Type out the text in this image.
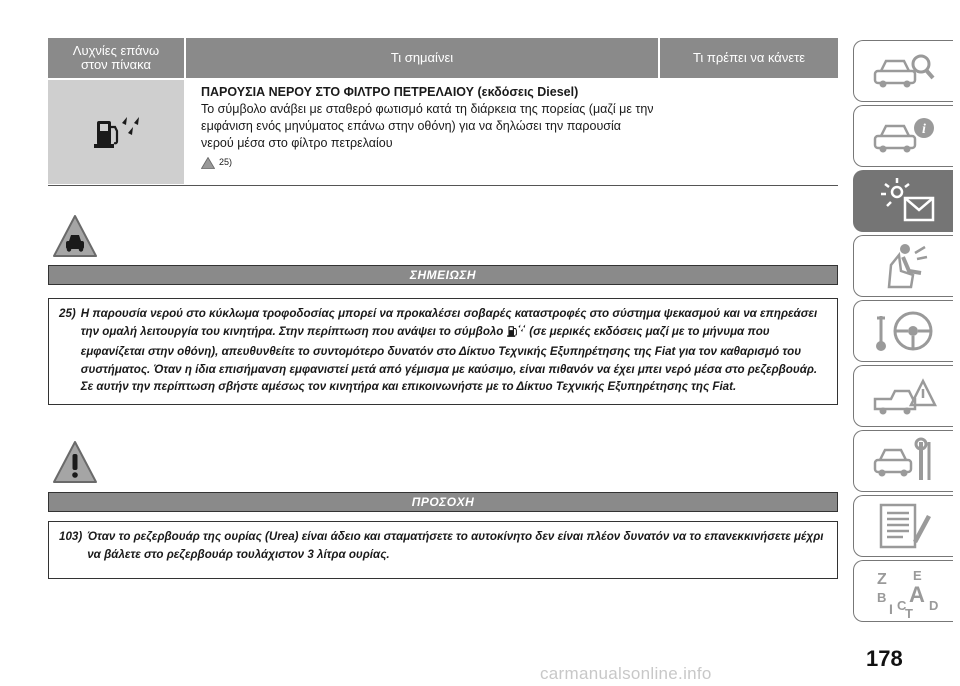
Λυχνίες επάνω στον πίνακα	Τι σημαίνει	Τι πρέπει να κάνετε
ΠΑΡΟΥΣΙΑ ΝΕΡΟΥ ΣΤΟ ΦΙΛΤΡΟ ΠΕΤΡΕΛΑΙΟΥ (εκδόσεις Diesel)
Το σύμβολο ανάβει με σταθερό φωτισμό κατά τη διάρκεια της πορείας (μαζί με την εμφάνιση ενός μηνύματος επάνω στην οθόνη) για να δηλώσει την παρουσία νερού μέσα στο φίλτρο πετρελαίου
25)
ΣΗΜΕΙΩΣΗ
25) Η παρουσία νερού στο κύκλωμα τροφοδοσίας μπορεί να προκαλέσει σοβαρές καταστροφές στο σύστημα ψεκασμού και να επηρεάσει την ομαλή λειτουργία του κινητήρα. Στην περίπτωση που ανάψει το σύμβολο (σε μερικές εκδόσεις μαζί με το μήνυμα που εμφανίζεται στην οθόνη), απευθυνθείτε το συντομότερο δυνατόν στο Δίκτυο Τεχνικής Εξυπηρέτησης της Fiat για τον καθαρισμό του συστήματος. Όταν η ίδια επισήμανση εμφανιστεί μετά από γέμισμα με καύσιμο, είναι πιθανόν να έχει μπει νερό μέσα στο ρεζερβουάρ. Σε αυτήν την περίπτωση σβήστε αμέσως τον κινητήρα και επικοινωνήστε με το Δίκτυο Τεχνικής Εξυπηρέτησης της Fiat.
ΠΡΟΣΟΧΗ
103) Όταν το ρεζερβουάρ της ουρίας (Urea) είναι άδειο και σταματήσετε το αυτοκίνητο δεν είναι πλέον δυνατόν να το επανεκκινήσετε μέχρι να βάλετε στο ρεζερβουάρ τουλάχιστον 3 λίτρα ουρίας.
i
Z E
B A
I C D
T
178
carmanualsonline.info
